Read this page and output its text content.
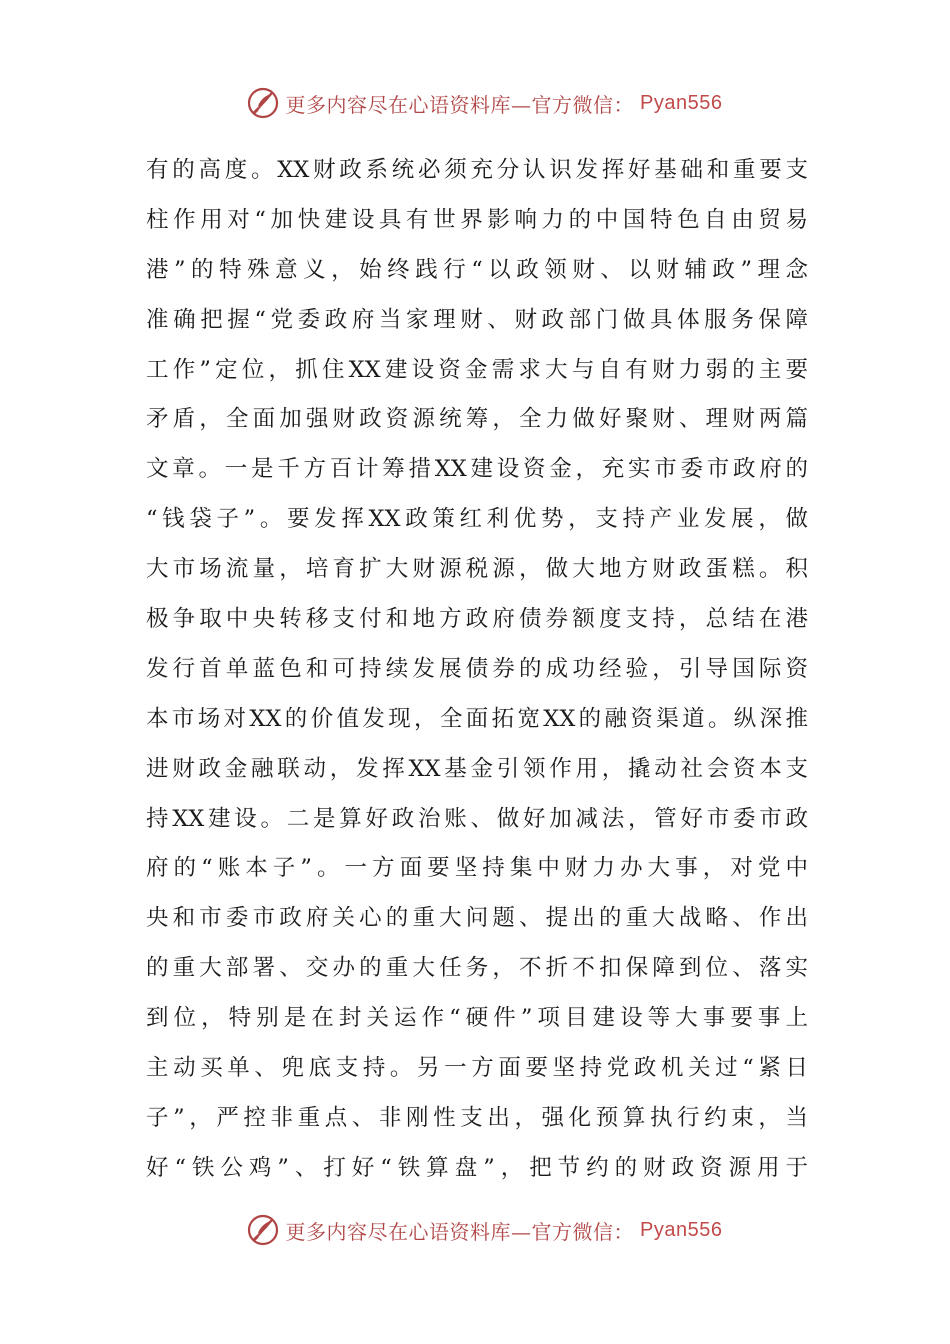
更多内容尽在心语资料库—官方微信： Pyan556
有的高度。XX财政系统必须充分认识发挥好基础和重要支
柱作用对“加快建设具有世界影响力的中国特色自由贸易
港”的特殊意义，始终践行“以政领财、以财辅政”理念
准确把握“党委政府当家理财、财政部门做具体服务保障
工作”定位，抓住XX建设资金需求大与自有财力弱的主要
矛盾，全面加强财政资源统筹，全力做好聚财、理财两篇
文章。一是千方百计筹措XX建设资金，充实市委市政府的
“钱袋子”。要发挥XX政策红利优势，支持产业发展，做
大市场流量，培育扩大财源税源，做大地方财政蛋糕。积
极争取中央转移支付和地方政府债券额度支持，总结在港
发行首单蓝色和可持续发展债券的成功经验，引导国际资
本市场对XX的价值发现，全面拓宽XX的融资渠道。纵深推
进财政金融联动，发挥XX基金引领作用，撬动社会资本支
持XX建设。二是算好政治账、做好加减法，管好市委市政
府的“账本子”。一方面要坚持集中财力办大事，对党中
央和市委市政府关心的重大问题、提出的重大战略、作出
的重大部署、交办的重大任务，不折不扣保障到位、落实
到位，特别是在封关运作“硬件”项目建设等大事要事上
主动买单、兜底支持。另一方面要坚持党政机关过“紧日
子”，严控非重点、非刚性支出，强化预算执行约束，当
好“铁公鸡”、打好“铁算盘”，把节约的财政资源用于
更多内容尽在心语资料库—官方微信： Pyan556
